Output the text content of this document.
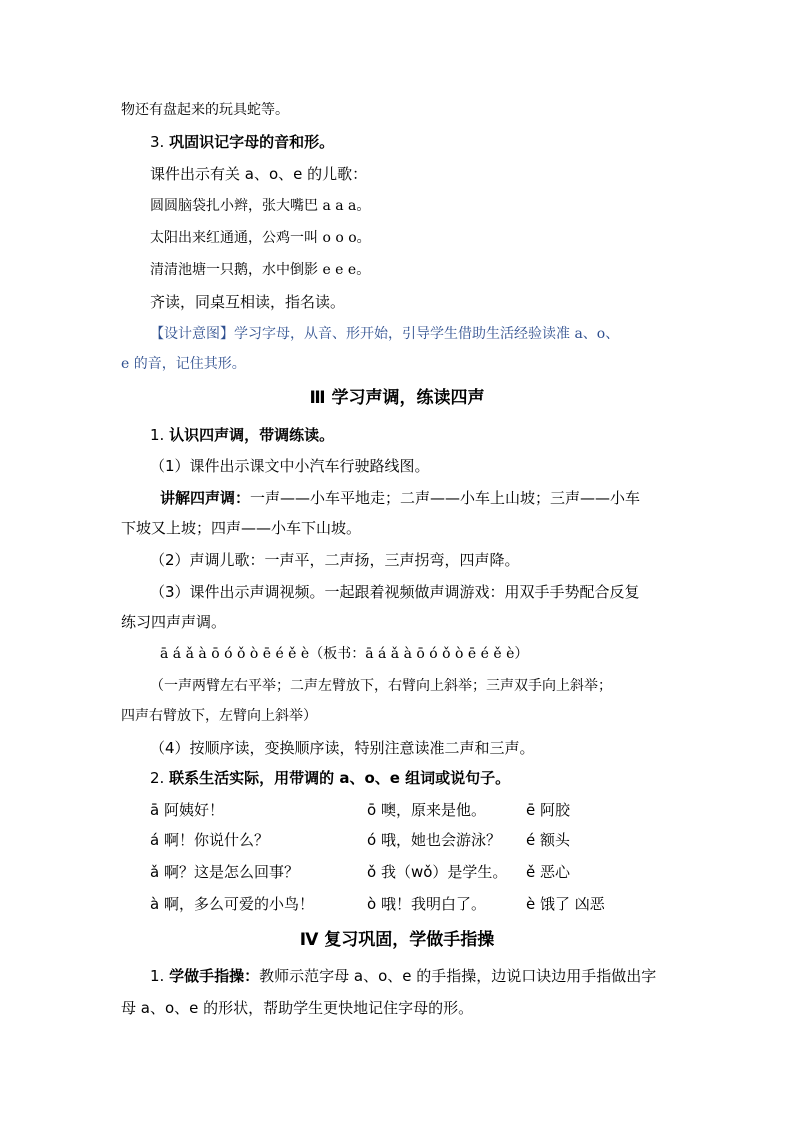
物还有盘起来的玩具蛇等。
3. 巩固识记字母的音和形。
课件出示有关 a、o、e 的儿歌：
圆圆脑袋扎小辫，张大嘴巴 a a a。
太阳出来红通通，公鸡一叫 o o o。
清清池塘一只鹅，水中倒影 e e e。
齐读，同桌互相读，指名读。
【设计意图】学习字母，从音、形开始，引导学生借助生活经验读准 a、o、
e 的音，记住其形。
Ⅲ 学习声调，练读四声
1. 认识四声调，带调练读。
（1）课件出示课文中小汽车行驶路线图。
讲解四声调：一声——小车平地走；二声——小车上山坡；三声——小车
下坡又上坡；四声——小车下山坡。
（2）声调儿歌：一声平，二声扬，三声拐弯，四声降。
（3）课件出示声调视频。一起跟着视频做声调游戏：用双手手势配合反复
练习四声声调。
ā á ǎ à ō ó ǒ ò ē é ě è（板书：ā á ǎ à ō ó ǒ ò ē é ě è）
（一声两臂左右平举；二声左臂放下，右臂向上斜举；三声双手向上斜举；
四声右臂放下，左臂向上斜举）
（4）按顺序读，变换顺序读，特别注意读准二声和三声。
2. 联系生活实际，用带调的 a、o、e 组词或说句子。
ā 阿姨好！	ō 噢，原来是他。	ē 阿胶
á 啊！你说什么？	ó 哦，她也会游泳？ é 额头
ǎ 啊？这是怎么回事？	ǒ 我（wǒ）是学生。 ě 恶心
à 啊，多么可爱的小鸟！	ò 哦！我明白了。	è 饿了 凶恶
Ⅳ 复习巩固，学做手指操
1. 学做手指操：教师示范字母 a、o、e 的手指操，边说口诀边用手指做出字
母 a、o、e 的形状，帮助学生更快地记住字母的形。
